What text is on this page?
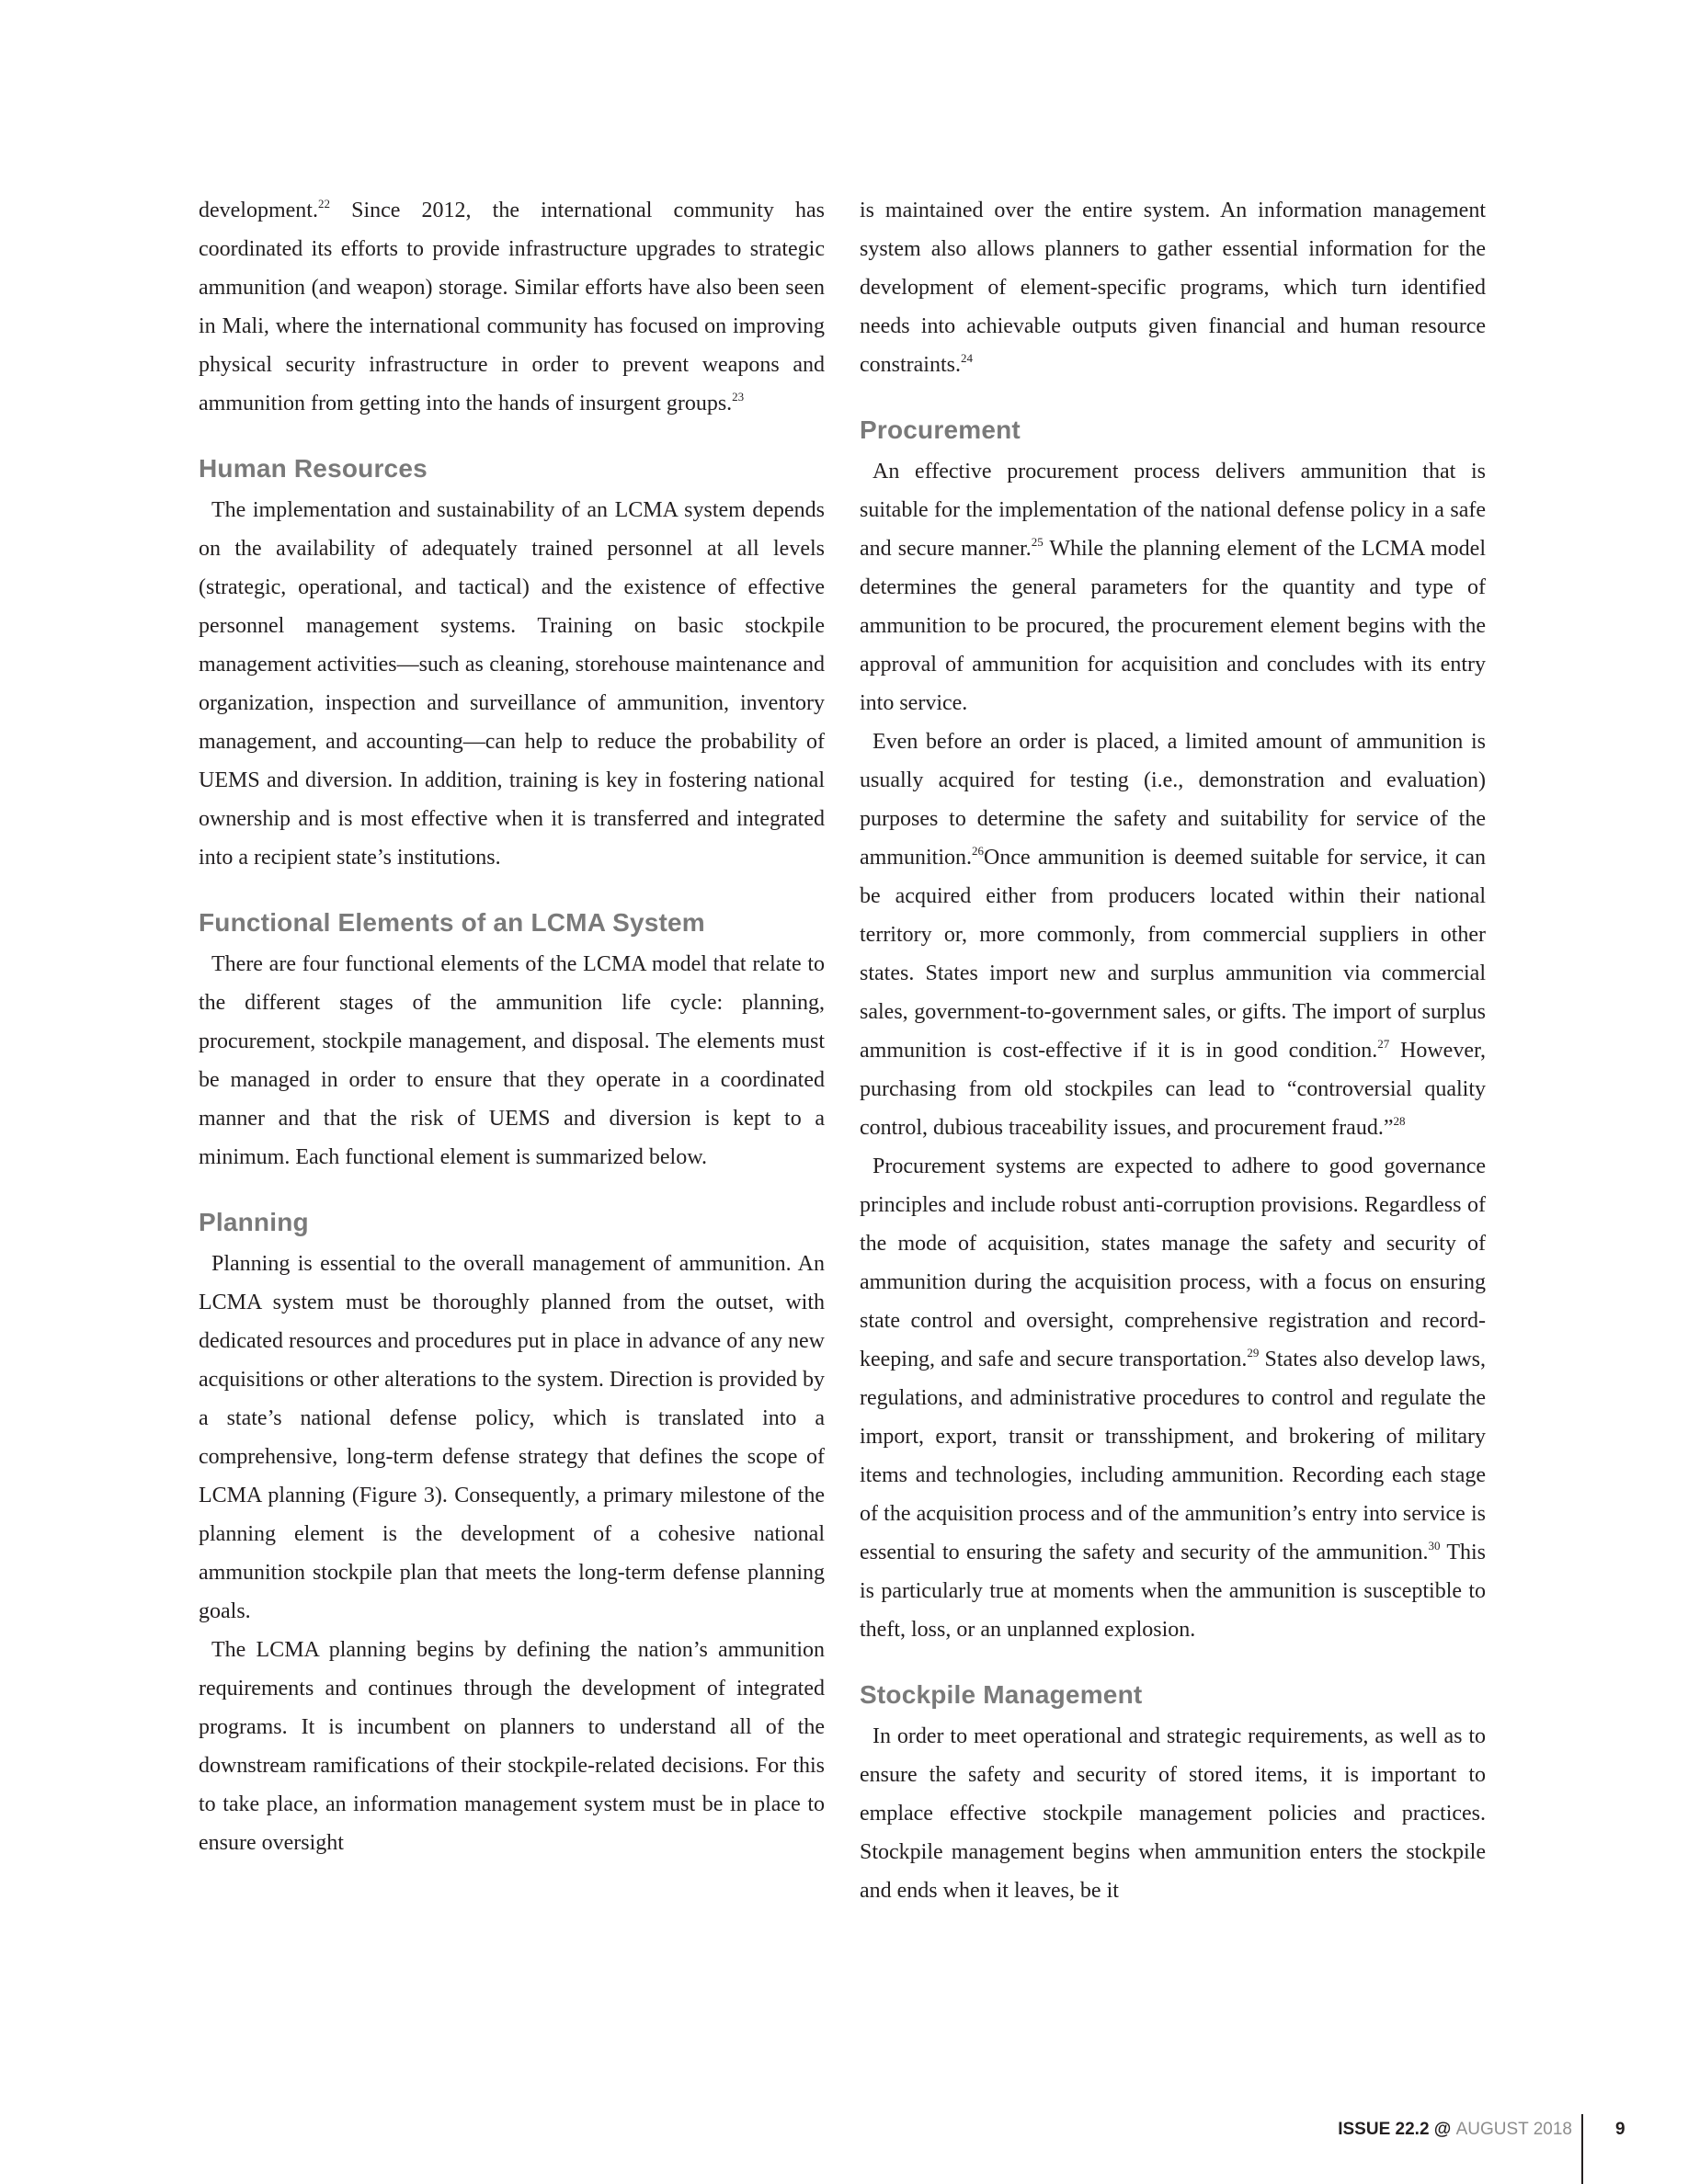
development.$^{22}$ Since 2012, the international community has coordinated its efforts to provide infrastructure upgrades to strategic ammunition (and weapon) storage. Similar efforts have also been seen in Mali, where the international community has focused on improving physical security infrastructure in order to prevent weapons and ammunition from getting into the hands of insurgent groups.$^{23}$

Human Resources

The implementation and sustainability of an LCMA system depends on the availability of adequately trained personnel at all levels (strategic, operational, and tactical) and the existence of effective personnel management systems. Training on basic stockpile management activities—such as cleaning, storehouse maintenance and organization, inspection and surveillance of ammunition, inventory management, and accounting—can help to reduce the probability of UEMS and diversion. In addition, training is key in fostering national ownership and is most effective when it is transferred and integrated into a recipient state’s institutions.

Functional Elements of an LCMA System

There are four functional elements of the LCMA model that relate to the different stages of the ammunition life cycle: planning, procurement, stockpile management, and disposal. The elements must be managed in order to ensure that they operate in a coordinated manner and that the risk of UEMS and diversion is kept to a minimum. Each functional element is summarized below.

Planning

Planning is essential to the overall management of ammunition. An LCMA system must be thoroughly planned from the outset, with dedicated resources and procedures put in place in advance of any new acquisitions or other alterations to the system. Direction is provided by a state’s national defense policy, which is translated into a comprehensive, long-term defense strategy that defines the scope of LCMA planning (Figure 3). Consequently, a primary milestone of the planning element is the development of a cohesive national ammunition stockpile plan that meets the long-term defense planning goals.

The LCMA planning begins by defining the nation’s ammunition requirements and continues through the development of integrated programs. It is incumbent on planners to understand all of the downstream ramifications of their stockpile-related decisions. For this to take place, an information management system must be in place to ensure oversight

is maintained over the entire system. An information management system also allows planners to gather essential information for the development of element-specific programs, which turn identified needs into achievable outputs given financial and human resource constraints.$^{24}$

Procurement

An effective procurement process delivers ammunition that is suitable for the implementation of the national defense policy in a safe and secure manner.$^{25}$ While the planning element of the LCMA model determines the general parameters for the quantity and type of ammunition to be procured, the procurement element begins with the approval of ammunition for acquisition and concludes with its entry into service.

Even before an order is placed, a limited amount of ammunition is usually acquired for testing (i.e., demonstration and evaluation) purposes to determine the safety and suitability for service of the ammunition.$^{26}$Once ammunition is deemed suitable for service, it can be acquired either from producers located within their national territory or, more commonly, from commercial suppliers in other states. States import new and surplus ammunition via commercial sales, government-to-government sales, or gifts. The import of surplus ammunition is cost-effective if it is in good condition.$^{27}$ However, purchasing from old stockpiles can lead to “controversial quality control, dubious traceability issues, and procurement fraud.”$^{28}$

Procurement systems are expected to adhere to good governance principles and include robust anti-corruption provisions. Regardless of the mode of acquisition, states manage the safety and security of ammunition during the acquisition process, with a focus on ensuring state control and oversight, comprehensive registration and record-keeping, and safe and secure transportation.$^{29}$ States also develop laws, regulations, and administrative procedures to control and regulate the import, export, transit or transshipment, and brokering of military items and technologies, including ammunition. Recording each stage of the acquisition process and of the ammunition’s entry into service is essential to ensuring the safety and security of the ammunition.$^{30}$ This is particularly true at moments when the ammunition is susceptible to theft, loss, or an unplanned explosion.

Stockpile Management

In order to meet operational and strategic requirements, as well as to ensure the safety and security of stored items, it is important to emplace effective stockpile management policies and practices. Stockpile management begins when ammunition enters the stockpile and ends when it leaves, be it

ISSUE 22.2 @ AUGUST 2018 9
